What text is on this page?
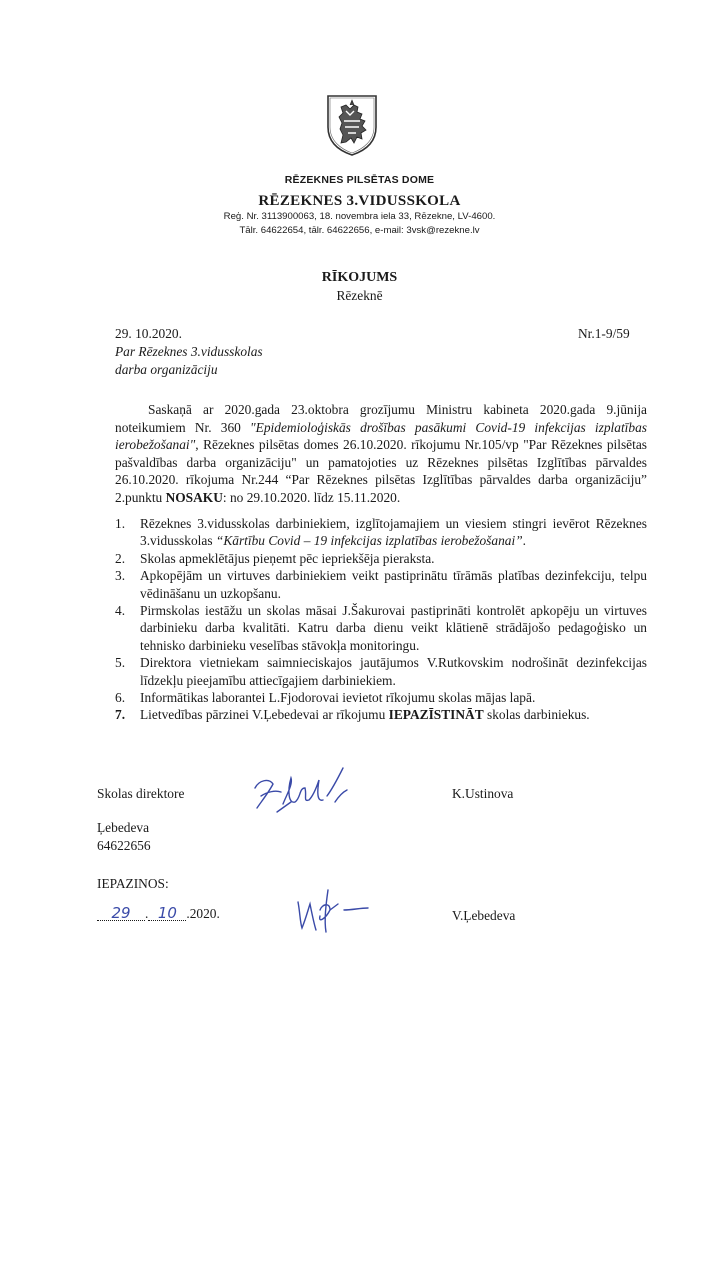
RĒZEKNES PILSĒTAS DOME
RĒZEKNES 3.VIDUSSKOLA
Reģ. Nr. 3113900063, 18. novembra iela 33, Rēzekne, LV-4600.
Tālr. 64622654, tālr. 64622656, e-mail: 3vsk@rezekne.lv
RĪKOJUMS
Rēzeknē
29. 10.2020.	Nr.1-9/59
Par Rēzeknes 3.vidusskolas
darba organizāciju
Saskaņā ar 2020.gada 23.oktobra grozījumu Ministru kabineta 2020.gada 9.jūnija noteikumiem Nr. 360 "Epidemioloģiskās drošības pasākumi Covid-19 infekcijas izplatības ierobežošanai", Rēzeknes pilsētas domes 26.10.2020. rīkojumu Nr.105/vp "Par Rēzeknes pilsētas pašvaldības darba organizāciju" un pamatojoties uz Rēzeknes pilsētas Izglītības pārvaldes 26.10.2020. rīkojuma Nr.244 “Par Rēzeknes pilsētas Izglītības pārvaldes darba organizāciju” 2.punktu NOSAKU: no 29.10.2020. līdz 15.11.2020.
1. Rēzeknes 3.vidusskolas darbiniekiem, izglītojamajiem un viesiem stingri ievērot Rēzeknes 3.vidusskolas “Kārtību Covid – 19 infekcijas izplatības ierobežošanai”.
2. Skolas apmeklētājus pieņemt pēc iepriekšēja pieraksta.
3. Apkopējām un virtuves darbiniekiem veikt pastiprinātu tīrāmās platības dezinfekciju, telpu vēdināšanu un uzkopšanu.
4. Pirmskolas iestāžu un skolas māsai J.Šakurovai pastiprināti kontrolēt apkopēju un virtuves darbinieku darba kvalitāti. Katru darba dienu veikt klātienē strādājošo pedagoģisko un tehnisko darbinieku veselības stāvokļa monitoringu.
5. Direktora vietniekam saimnieciskajos jautājumos V.Rutkovskim nodrošināt dezinfekcijas līdzekļu pieejamību attiecīgajiem darbiniekiem.
6. Informātikas laborantei L.Fjodorovai ievietot rīkojumu skolas mājas lapā.
7. Lietvedības pārzinei V.Ļebedevai ar rīkojumu IEPAZĪSTINĀT skolas darbiniekus.
Skolas direktore	K.Ustinova
Ļebedeva
64622656
IEPAZINOS:
29 . 10 .2020.	V.Ļebedeva
